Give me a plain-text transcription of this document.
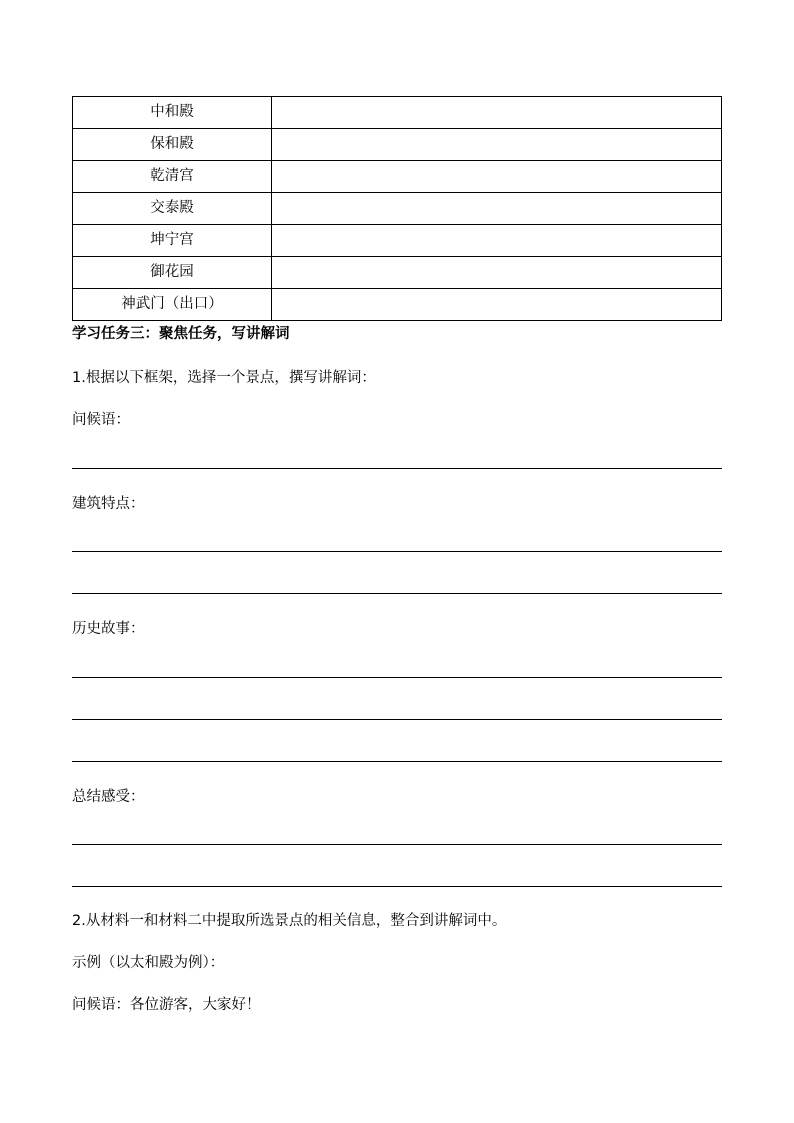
中和殿	
保和殿	
乾清宫	
交泰殿	
坤宁宫	
御花园	
神武门（出口）	
学习任务三：聚焦任务，写讲解词
1.根据以下框架，选择一个景点，撰写讲解词：
问候语：
建筑特点：
历史故事：
总结感受：
2.从材料一和材料二中提取所选景点的相关信息，整合到讲解词中。
示例（以太和殿为例）：
问候语：各位游客，大家好！
